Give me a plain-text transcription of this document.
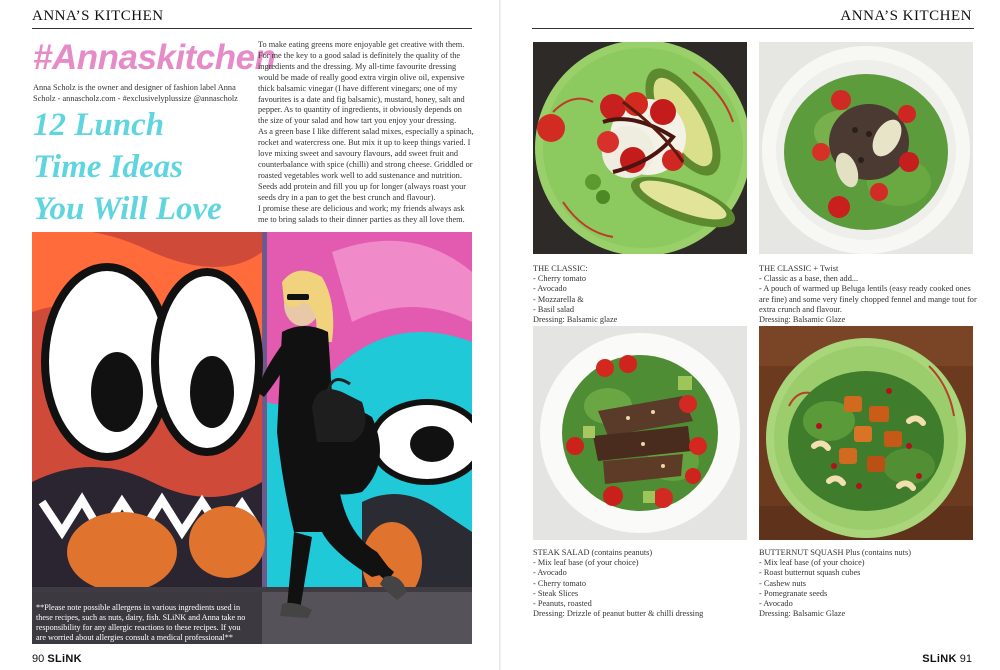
ANNA’S KITCHEN
#Annaskitchen
Anna Scholz is the owner and designer of fashion label Anna Scholz - annascholz.com - #exclusivelyplussize @annascholz
12 Lunch
Time Ideas
You Will Love

To make eating greens more enjoyable get creative with them. For me the key to a good salad is definitely the quality of the ingredients and the dressing. My all-time favourite dressing would be made of really good extra virgin olive oil, expensive thick balsamic vinegar (I have different vinegars; one of my favourites is a date and fig balsamic), mustard, honey, salt and pepper. As to quantity of ingredients, it obviously depends on the size of your salad and how tart you enjoy your dressing.

As a green base I like different salad mixes, especially a spinach, rocket and watercress one. But mix it up to keep things varied. I love mixing sweet and savoury flavours, add sweet fruit and counterbalance with spice (chilli) and strong cheese. Griddled or roasted vegetables work well to add sustenance and nutrition. Seeds add protein and fill you up for longer (always roast your seeds dry in a pan to get the best crunch and flavour).

I promise these are delicious and work; my friends always ask me to bring salads to their dinner parties as they all love them.

**Please note possible allergens in various ingredients used in these recipes, such as nuts, dairy, fish. SLiNK and Anna take no responsibility for any allergic reactions to these recipes. If you are worried about allergies consult a medical professional**
90 SLiNK
ANNA’S KITCHEN
THE CLASSIC:
- Cherry tomato
- Avocado
- Mozzarella &
- Basil salad
Dressing: Balsamic glaze
THE CLASSIC + Twist
- Classic as a base, then add...
- A pouch of warmed up Beluga lentils (easy ready cooked ones
are fine) and some very finely chopped fennel and mange tout for
extra crunch and flavour.
Dressing: Balsamic Glaze
STEAK SALAD (contains peanuts)
- Mix leaf base (of your choice)
- Avocado
- Cherry tomato
- Steak Slices
- Peanuts, roasted
Dressing: Drizzle of peanut butter & chilli dressing
BUTTERNUT SQUASH Plus (contains nuts)
- Mix leaf base (of your choice)
- Roast butternut squash cubes
- Cashew nuts
- Pomegranate seeds
- Avocado
Dressing: Balsamic Glaze
SLiNK 91
